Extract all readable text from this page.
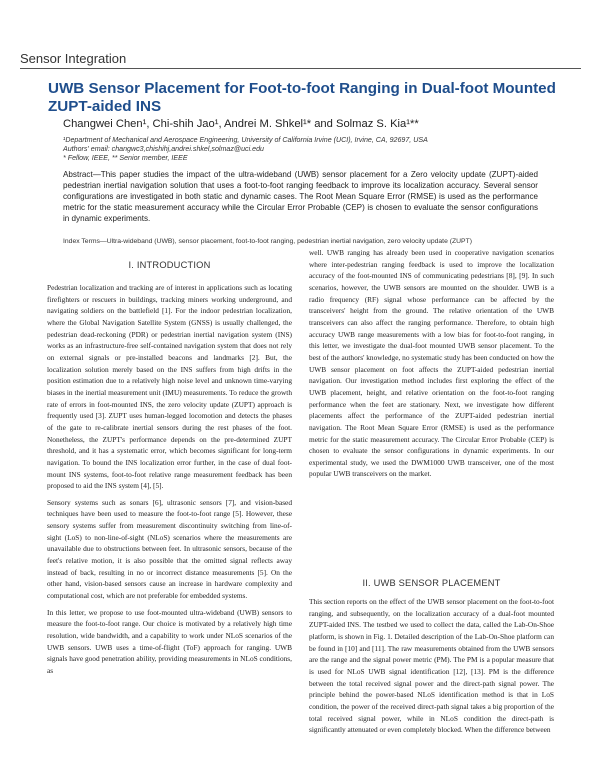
Sensor Integration
UWB Sensor Placement for Foot-to-foot Ranging in Dual-foot Mounted ZUPT-aided INS
Changwei Chen¹, Chi-shih Jao¹, Andrei M. Shkel¹* and Solmaz S. Kia¹**
¹Department of Mechanical and Aerospace Engineering, University of California Irvine (UCI), Irvine, CA, 92697, USA
Authors' email: changwc3,chishihj,andrei.shkel,solmaz@uci.edu
* Fellow, IEEE, ** Senior member, IEEE
Abstract—This paper studies the impact of the ultra-wideband (UWB) sensor placement for a Zero velocity update (ZUPT)-aided pedestrian inertial navigation solution that uses a foot-to-foot ranging feedback to improve its localization accuracy. Several sensor configurations are investigated in both static and dynamic cases. The Root Mean Square Error (RMSE) is used as the performance metric for the static measurement accuracy while the Circular Error Probable (CEP) is chosen to evaluate the sensor configurations in dynamic experiments.
Index Terms—Ultra-wideband (UWB), sensor placement, foot-to-foot ranging, pedestrian inertial navigation, zero velocity update (ZUPT)
I. INTRODUCTION

Pedestrian localization and tracking are of interest in applications such as locating firefighters or rescuers in buildings, tracking miners working underground, and navigating soldiers on the battlefield [1]. For the indoor pedestrian localization, where the Global Navigation Satellite System (GNSS) is usually challenged, the pedestrian dead-reckoning (PDR) or pedestrian inertial navigation system (INS) works as an infrastructure-free self-contained navigation system that does not rely on external signals or pre-installed beacons and landmarks [2]. But, the localization solution merely based on the INS suffers from high drifts in the position estimation due to a relatively high noise level and unknown time-varying biases in the inertial measurement unit (IMU) measurements. To reduce the growth rate of errors in foot-mounted INS, the zero velocity update (ZUPT) approach is frequently used [3]. ZUPT uses human-legged locomotion and detects the phases of the gate to re-calibrate inertial sensors during the rest phases of the foot. Nonetheless, the ZUPT's performance depends on the pre-determined ZUPT threshold, and it has a systematic error, which becomes significant for long-term navigation. To bound the INS localization error further, in the case of dual foot-mount INS systems, foot-to-foot relative range measurement feedback has been proposed to aid the INS system [4], [5].

Sensory systems such as sonars [6], ultrasonic sensors [7], and vision-based techniques have been used to measure the foot-to-foot range [5]. However, these sensory systems suffer from measurement discontinuity switching from line-of-sight (LoS) to non-line-of-sight (NLoS) scenarios where the measurements are unavailable due to obstructions between feet. In ultrasonic sensors, because of the feet's relative motion, it is also possible that the omitted signal reflects away instead of back, resulting in no or incorrect distance measurements [5]. On the other hand, vision-based sensors cause an increase in hardware complexity and computational cost, which are not preferable for embedded systems.

In this letter, we propose to use foot-mounted ultra-wideband (UWB) sensors to measure the foot-to-foot range. Our choice is motivated by a relatively high time resolution, wide bandwidth, and a capability to work under NLoS scenarios of the UWB sensors. UWB uses a time-of-flight (ToF) approach for ranging. UWB signals have good penetration ability, providing measurements in NLoS conditions, as

well. UWB ranging has already been used in cooperative navigation scenarios where inter-pedestrian ranging feedback is used to improve the localization accuracy of the foot-mounted INS of communicating pedestrians [8], [9]. In such scenarios, however, the UWB sensors are mounted on the shoulder. UWB is a radio frequency (RF) signal whose performance can be affected by the transceivers' height from the ground. The relative orientation of the UWB transceivers can also affect the ranging performance. Therefore, to obtain high accuracy UWB range measurements with a low bias for foot-to-foot ranging, in this letter, we investigate the dual-foot mounted UWB sensor placement. To the best of the authors' knowledge, no systematic study has been conducted on how the UWB sensor placement on foot affects the ZUPT-aided pedestrian inertial navigation. Our investigation method includes first exploring the effect of the UWB placement, height, and relative orientation on the foot-to-foot ranging performance when the feet are stationary. Next, we investigate how different placements affect the performance of the ZUPT-aided pedestrian inertial navigation. The Root Mean Square Error (RMSE) is used as the performance metric for the static measurement accuracy. The Circular Error Probable (CEP) is chosen to evaluate the sensor configurations in dynamic experiments. In our experimental study, we used the DWM1000 UWB transceiver, one of the most popular UWB transceivers on the market.

II. UWB SENSOR PLACEMENT

This section reports on the effect of the UWB sensor placement on the foot-to-foot ranging, and subsequently, on the localization accuracy of a dual-foot mounted ZUPT-aided INS. The testbed we used to collect the data, called the Lab-On-Shoe platform, is shown in Fig. 1. Detailed description of the Lab-On-Shoe platform can be found in [10] and [11]. The raw measurements obtained from the UWB sensors are the range and the signal power metric (PM). The PM is a popular measure that is used for NLoS UWB signal identification [12], [13]. PM is the difference between the total received signal power and the direct-path signal power. The principle behind the power-based NLoS identification method is that in LoS condition, the power of the received direct-path signal takes a big proportion of the total received signal power, while in NLoS condition the direct-path is significantly attenuated or even completely blocked. When the difference between
